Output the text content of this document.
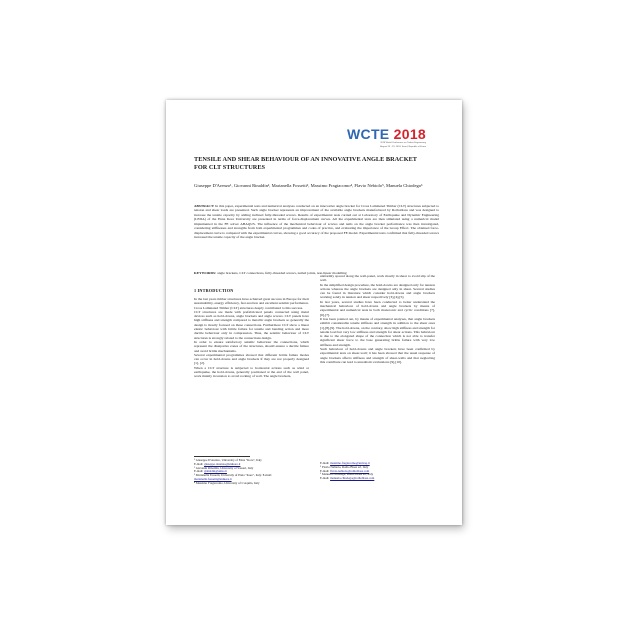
WCTE 2018
2018 World Conference on Timber Engineering
August 20 - 23, 2018, Seoul, Republic of Korea
TENSILE AND SHEAR BEHAVIOUR OF AN INNOVATIVE ANGLE BRACKET FOR CLT STRUCTURES
Giuseppe D'Arenzo¹, Giovanni Rinaldin², Marianella Fossetti³, Massimo Fragiacomo⁴, Flavio Nebiolo⁵, Manuela Chiodega⁶
ABSTRACT: In this paper, experimental tests and numerical analyses conducted on an innovative angle bracket for Cross Laminated Timber (CLT) structures subjected to tension and shear loads are presented. Such angle bracket represents an improvement of the available angle brackets manufactured by Rothoblaas and was designed to increase the tensile capacity by adding inclined fully-threaded screws. Results of experimental tests carried out at Laboratory of Earthquake and Dynamic Engineering (LEDA) of the Enna Kore University are presented in terms of force-displacement curves. All the experimental tests are then simulated using a numerical model implemented in the FE solver ABAQUS. The influence of the mechanical behaviour of screws and nails on the angle bracket performance was then investigated, considering stiffnesses and strengths from both experimental programmes and codes of practice, and evaluating the importance of the Group Effect. The obtained force-displacement curve is compared with the experimental curves, showing a good accuracy of the proposed FE model. Experimental tests confirmed that fully-threaded screws increased the tensile capacity of the angle bracket.
KEYWORDS: angle brackets, CLT connections, fully-threaded screws, nailed joints, non-linear modelling
1 INTRODUCTION

In the last years timber structures have achieved great success in Europe for their sustainability, energy efficiency, fast erection and excellent seismic performance. Cross Laminated Timber (CLT) structures deeply contributed to this success.

CLT structures are made with prefabricated panels connected using metal devices such as hold-downs, angle brackets and angle screws. CLT panels have high stiffness and strength compared to metallic angle brackets so generally the design is mostly focused on these connections. Furthermore CLT show a linear elastic behaviour with brittle failure for tensile and bending action and more ductile behaviour only in compression. Thus, the seismic behaviour of CLT structures is strongly related to the connections design.

In order to ensure satisfactory seismic behaviour the connections, which represent the dissipative zones of the structures, should ensure a ductile failure and avoid brittle mechanisms.

Several experimental programmes showed that different brittle failure modes can occur in hold-downs and angle brackets if they are not properly designed [1], [2].

When a CLT structure is subjected to horizontal actions such as wind or earthquake, the hold-downs, generally positioned at the end of the wall panel, work mainly in tension to avoid rocking of wall. The angle brackets,

uniformly spaced along the wall-panel, work mostly in shear to avoid slip of the wall.

In the simplified design procedure, the hold-downs are designed only for tension actions whereas the angle brackets are designed only in shear. Several studies can be found in literature which consider hold-downs and angle brackets working solely in tension and shear respectively [3],[4],[5].

In last years, several studies have been conducted to better understand the mechanical behaviour of hold-downs and angle brackets by means of experimental and numerical tests in both monotonic and cyclic conditions [7],[6],[7].

It has been pointed out, by means of experimental analyses, that angle brackets exhibit considerable tensile stiffness and strength in addition to the shear ones [1],[8],[9]. The hold-downs, on the contrary, show high stiffness and strength for tensile load but very low stiffness and strength for shear actions. This behaviour is due to the elongated shape of the connection which is not able to transfer significant shear force to the base generating brittle failure with very low stiffness and strength.

Such behaviour of hold-downs and angle brackets have been confirmed by experimental tests on shear-wall; it has been showed that the usual response of angle brackets affects stiffness and strength of shear-walls and that neglecting this contribute can lead to unrealistic evaluations [9],[10].

¹ Giuseppe D'Arenzo, University of Enna "Kore", Italy
E-mail: giuseppe.darenzo@unikore.it
² Giovanni Rinaldin, University of Sassari, Italy
E-mail: grinaldin@uniss.it
³ Marianella Fossetti, University of Enna "Kore", Italy. E-mail:
marianella.fossetti@unikore.it
⁴ Massimo Fragiacomo, University of L'Aquila, Italy
E-mail: massimo.fragiacomo@univaq.it
⁵ Flavio Nebiolo, Rotho Blaas srl, Italy
E-mail: flavio.nebiolo@rothoblaas.com
⁶ Manuela Chiodega, Rotho Blaas srl, Italy
E-mail: manuela.chiodega@rothoblaas.com
